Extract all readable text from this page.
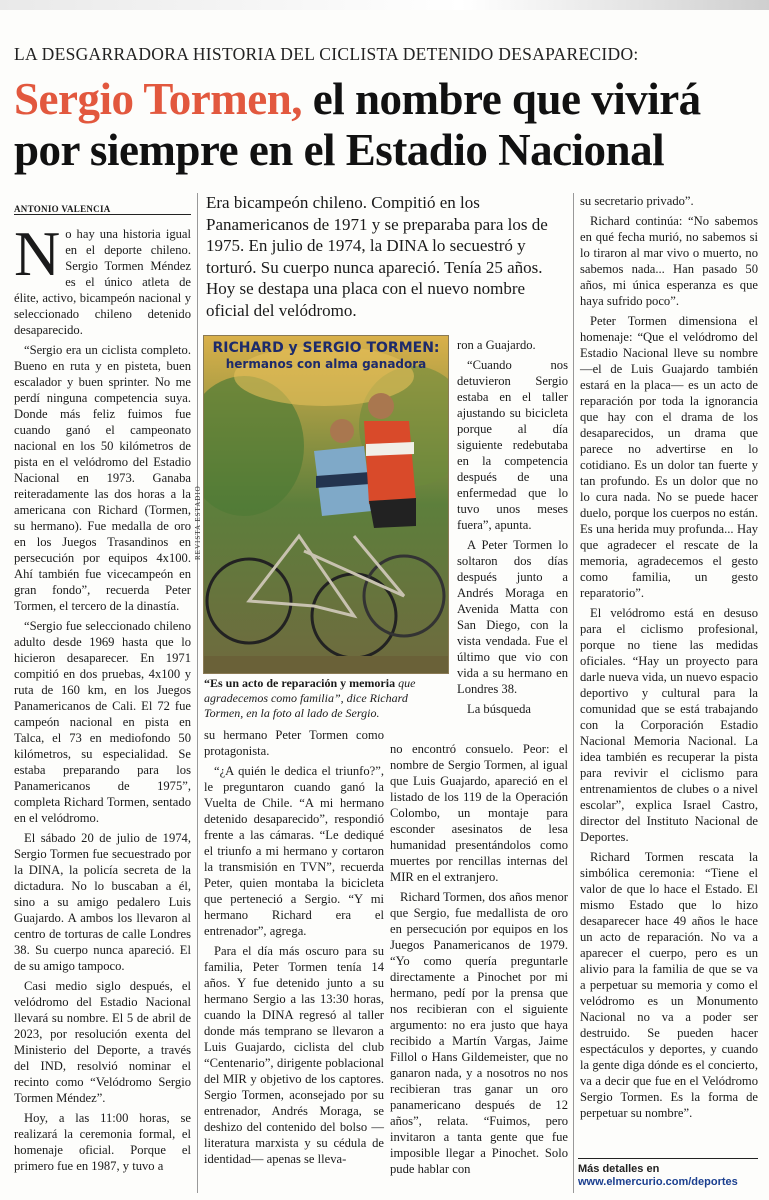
LA DESGARRADORA HISTORIA DEL CICLISTA DETENIDO DESAPARECIDO:
Sergio Tormen, el nombre que vivirá por siempre en el Estadio Nacional
ANTONIO VALENCIA

No hay una historia igual en el deporte chileno. Sergio Tormen Méndez es el único atleta de élite, activo, bicampeón nacional y seleccionado chileno detenido desaparecido.

“Sergio era un ciclista completo. Bueno en ruta y en pisteta, buen escalador y buen sprinter. No me perdí ninguna competencia suya. Donde más feliz fuimos fue cuando ganó el campeonato nacional en los 50 kilómetros de pista en el velódromo del Estadio Nacional en 1973. Ganaba reiteradamente las dos horas a la americana con Richard (Tormen, su hermano). Fue medalla de oro en los Juegos Trasandinos en persecución por equipos 4x100. Ahí también fue vicecampeón en gran fondo”, recuerda Peter Tormen, el tercero de la dinastía.

“Sergio fue seleccionado chileno adulto desde 1969 hasta que lo hicieron desaparecer. En 1971 compitió en dos pruebas, 4x100 y ruta de 160 km, en los Juegos Panamericanos de Cali. El 72 fue campeón nacional en pista en Talca, el 73 en mediofondo 50 kilómetros, su especialidad. Se estaba preparando para los Panamericanos de 1975”, completa Richard Tormen, sentado en el velódromo.

El sábado 20 de julio de 1974, Sergio Tormen fue secuestrado por la DINA, la policía secreta de la dictadura. No lo buscaban a él, sino a su amigo pedalero Luis Guajardo. A ambos los llevaron al centro de torturas de calle Londres 38. Su cuerpo nunca apareció. El de su amigo tampoco.

Casi medio siglo después, el velódromo del Estadio Nacional llevará su nombre. El 5 de abril de 2023, por resolución exenta del Ministerio del Deporte, a través del IND, resolvió nominar el recinto como “Velódromo Sergio Tormen Méndez”.

Hoy, a las 11:00 horas, se realizará la ceremonia formal, el homenaje oficial. Porque el primero fue en 1987, y tuvo a

Era bicampeón chileno. Compitió en los Panamericanos de 1971 y se preparaba para los de 1975. En julio de 1974, la DINA lo secuestró y torturó. Su cuerpo nunca apareció. Tenía 25 años. Hoy se destapa una placa con el nuevo nombre oficial del velódromo.
RICHARD y SERGIO TORMEN:
hermanos con alma ganadora
REVISTA ESTADIO
“Es un acto de reparación y memoria que agradecemos como familia”, dice Richard Tormen, en la foto al lado de Sergio.

su hermano Peter Tormen como protagonista.

“¿A quién le dedica el triunfo?”, le preguntaron cuando ganó la Vuelta de Chile. “A mi hermano detenido desaparecido”, respondió frente a las cámaras. “Le dediqué el triunfo a mi hermano y cortaron la transmisión en TVN”, recuerda Peter, quien montaba la bicicleta que perteneció a Sergio. “Y mi hermano Richard era el entrenador”, agrega.

Para el día más oscuro para su familia, Peter Tormen tenía 14 años. Y fue detenido junto a su hermano Sergio a las 13:30 horas, cuando la DINA regresó al taller donde más temprano se llevaron a Luis Guajardo, ciclista del club “Centenario”, dirigente poblacional del MIR y objetivo de los captores. Sergio Tormen, aconsejado por su entrenador, Andrés Moraga, se deshizo del contenido del bolso —literatura marxista y su cédula de identidad— apenas se lleva-

ron a Guajardo.

“Cuando nos detuvieron Sergio estaba en el taller ajustando su bicicleta porque al día siguiente redebutaba en la competencia después de una enfermedad que lo tuvo unos meses fuera”, apunta.

A Peter Tormen lo soltaron dos días después junto a Andrés Moraga en Avenida Matta con San Diego, con la vista vendada. Fue el último que vio con vida a su hermano en Londres 38.

La búsqueda

no encontró consuelo. Peor: el nombre de Sergio Tormen, al igual que Luis Guajardo, apareció en el listado de los 119 de la Operación Colombo, un montaje para esconder asesinatos de lesa humanidad presentándolos como muertes por rencillas internas del MIR en el extranjero.

Richard Tormen, dos años menor que Sergio, fue medallista de oro en persecución por equipos en los Juegos Panamericanos de 1979. “Yo como quería preguntarle directamente a Pinochet por mi hermano, pedí por la prensa que nos recibieran con el siguiente argumento: no era justo que haya recibido a Martín Vargas, Jaime Fillol o Hans Gildemeister, que no ganaron nada, y a nosotros no nos recibieran tras ganar un oro panamericano después de 12 años”, relata. “Fuimos, pero invitaron a tanta gente que fue imposible llegar a Pinochet. Solo pude hablar con

su secretario privado”.

Richard continúa: “No sabemos en qué fecha murió, no sabemos si lo tiraron al mar vivo o muerto, no sabemos nada... Han pasado 50 años, mi única esperanza es que haya sufrido poco”.

Peter Tormen dimensiona el homenaje: “Que el velódromo del Estadio Nacional lleve su nombre —el de Luis Guajardo también estará en la placa— es un acto de reparación por toda la ignorancia que hay con el drama de los desaparecidos, un drama que parece no advertirse en lo cotidiano. Es un dolor tan fuerte y tan profundo. Es un dolor que no lo cura nada. No se puede hacer duelo, porque los cuerpos no están. Es una herida muy profunda... Hay que agradecer el rescate de la memoria, agradecemos el gesto como familia, un gesto reparatorio”.

El velódromo está en desuso para el ciclismo profesional, porque no tiene las medidas oficiales. “Hay un proyecto para darle nueva vida, un nuevo espacio deportivo y cultural para la comunidad que se está trabajando con la Corporación Estadio Nacional Memoria Nacional. La idea también es recuperar la pista para revivir el ciclismo para entrenamientos de clubes o a nivel escolar”, explica Israel Castro, director del Instituto Nacional de Deportes.

Richard Tormen rescata la simbólica ceremonia: “Tiene el valor de que lo hace el Estado. El mismo Estado que lo hizo desaparecer hace 49 años le hace un acto de reparación. No va a aparecer el cuerpo, pero es un alivio para la familia de que se va a perpetuar su memoria y como el velódromo es un Monumento Nacional no va a poder ser destruido. Se pueden hacer espectáculos y deportes, y cuando la gente diga dónde es el concierto, va a decir que fue en el Velódromo Sergio Tormen. Es la forma de perpetuar su nombre”.

Más detalles en
www.elmercurio.com/deportes
